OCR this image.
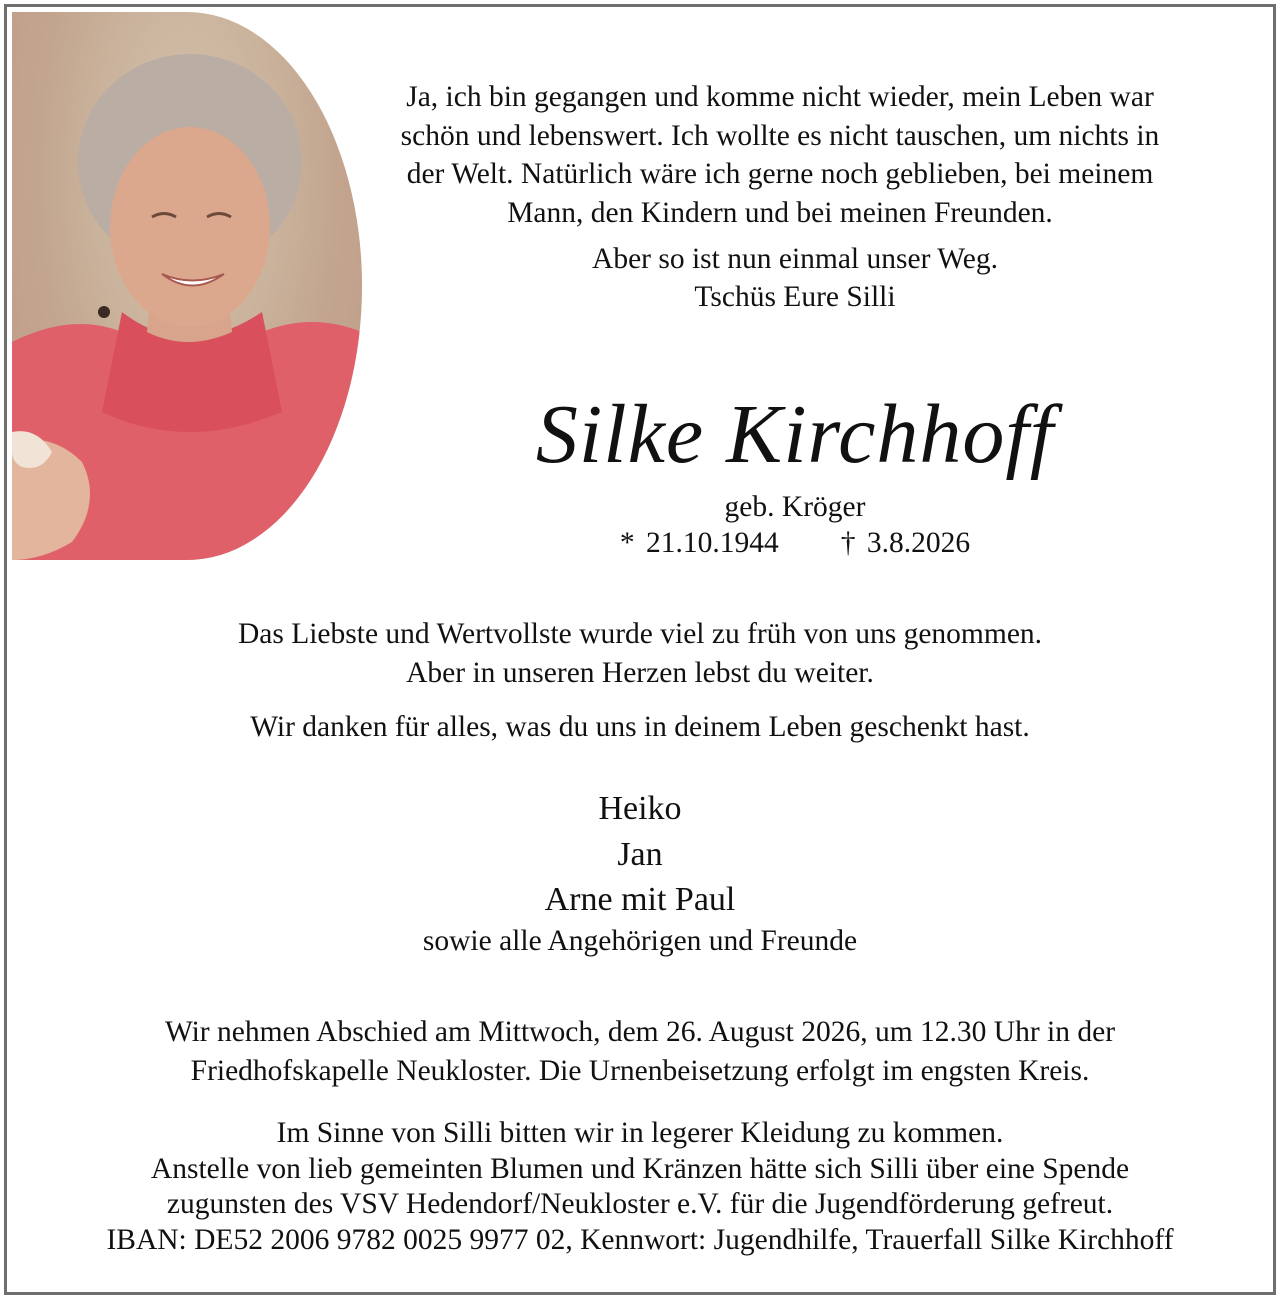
Ja, ich bin gegangen und komme nicht wieder, mein Leben war
schön und lebenswert. Ich wollte es nicht tauschen, um nichts in
der Welt. Natürlich wäre ich gerne noch geblieben, bei meinem
Mann, den Kindern und bei meinen Freunden.
Aber so ist nun einmal unser Weg.
Tschüs Eure Silli
Silke Kirchhoff
geb. Kröger
* 21.10.1944 † 3.8.2026
Das Liebste und Wertvollste wurde viel zu früh von uns genommen.
Aber in unseren Herzen lebst du weiter.
Wir danken für alles, was du uns in deinem Leben geschenkt hast.
Heiko
Jan
Arne mit Paul
sowie alle Angehörigen und Freunde
Wir nehmen Abschied am Mittwoch, dem 26. August 2026, um 12.30 Uhr in der
Friedhofskapelle Neukloster. Die Urnenbeisetzung erfolgt im engsten Kreis.
Im Sinne von Silli bitten wir in legerer Kleidung zu kommen.
Anstelle von lieb gemeinten Blumen und Kränzen hätte sich Silli über eine Spende
zugunsten des VSV Hedendorf/Neukloster e.V. für die Jugendförderung gefreut.
IBAN: DE52 2006 9782 0025 9977 02, Kennwort: Jugendhilfe, Trauerfall Silke Kirchhoff
